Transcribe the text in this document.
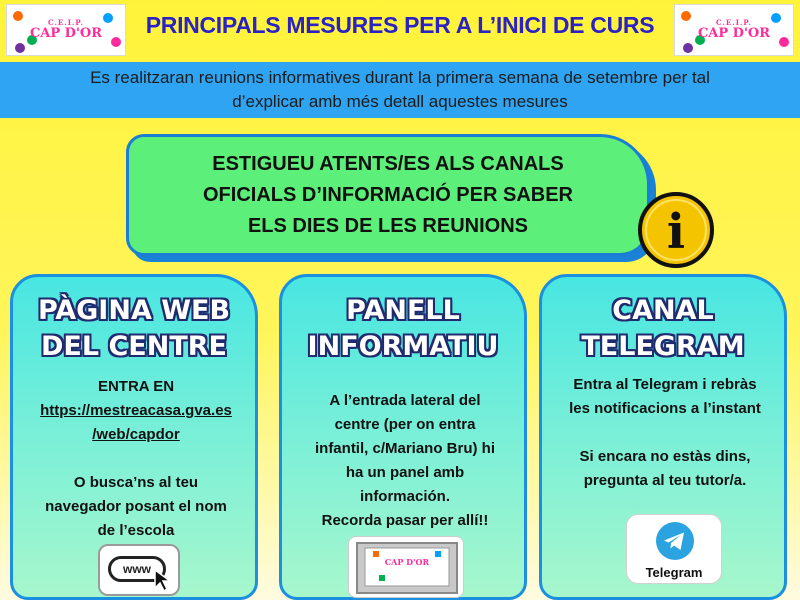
C.E.I.P.
CAP D'OR
C.E.I.P.
CAP D'OR
PRINCIPALS MESURES PER A L’INICI DE CURS
Es realitzaran reunions informatives durant la primera semana de setembre per tal
d’explicar amb més detall aquestes mesures
ESTIGUEU ATENTS/ES ALS CANALS
OFICIALS D’INFORMACIÓ PER SABER
ELS DIES DE LES REUNIONS	i
PÀGINA WEB
DEL CENTRE
ENTRA EN
https://mestreacasa.gva.es
/web/capdor
O busca’ns al teu
navegador posant el nom
de l’escola
PANELL
INFORMATIU
A l’entrada lateral del
centre (per on entra
infantil, c/Mariano Bru) hi
ha un panel amb
información.
Recorda pasar per allí!!
CANAL
TELEGRAM
Entra al Telegram i rebràs
les notificacions a l’instant
Si encara no estàs dins,
pregunta al teu tutor/a.
www	CAP D'OR
Telegram
